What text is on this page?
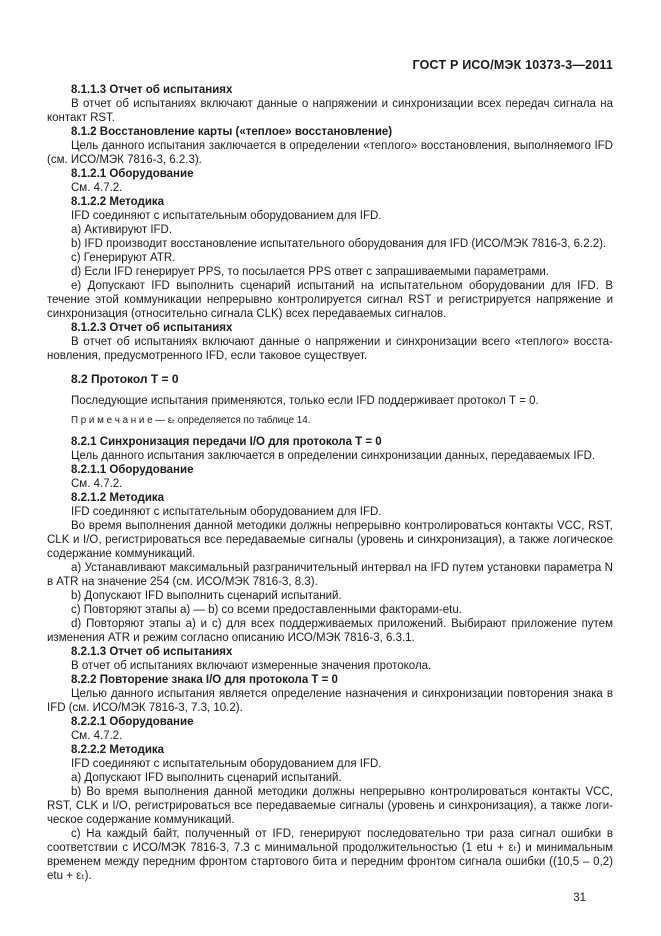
ГОСТ Р ИСО/МЭК 10373-3—2011

8.1.1.3 Отчет об испытаниях

В отчет об испытаниях включают данные о напряжении и синхронизации всех передач сигнала на контакт RST.

8.1.2 Восстановление карты («теплое» восстановление)

Цель данного испытания заключается в определении «теплого» восстановления, выполняемого IFD (см. ИСО/МЭК 7816-3, 6.2.3).

8.1.2.1 Оборудование

См. 4.7.2.

8.1.2.2 Методика

IFD соединяют с испытательным оборудованием для IFD.

a) Активируют IFD.

b) IFD производит восстановление испытательного оборудования для IFD (ИСО/МЭК 7816-3, 6.2.2).

c) Генерируют ATR.

d) Если IFD генерирует PPS, то посылается PPS ответ с запрашиваемыми параметрами.

e) Допускают IFD выполнить сценарий испытаний на испытательном оборудовании для IFD. В течение этой коммуникации непрерывно контролируется сигнал RST и регистрируется напряжение и синхронизация (относительно сигнала CLK) всех передаваемых сигналов.

8.1.2.3 Отчет об испытаниях

В отчет об испытаниях включают данные о напряжении и синхронизации всего «теплого» восстановления, предусмотренного IFD, если таковое существует.

8.2 Протокол Т = 0

Последующие испытания применяются, только если IFD поддерживает протокол Т = 0.

П р и м е ч а н и е — εₜ определяется по таблице 14.

8.2.1 Синхронизация передачи I/O для протокола Т = 0

Цель данного испытания заключается в определении синхронизации данных, передаваемых IFD.

8.2.1.1 Оборудование

См. 4.7.2.

8.2.1.2 Методика

IFD соединяют с испытательным оборудованием для IFD.

Во время выполнения данной методики должны непрерывно контролироваться контакты VCC, RST, CLK и I/O, регистрироваться все передаваемые сигналы (уровень и синхронизация), а также логическое содержание коммуникаций.

a) Устанавливают максимальный разграничительный интервал на IFD путем установки параметра N в ATR на значение 254 (см. ИСО/МЭК 7816-3, 8.3).

b) Допускают IFD выполнить сценарий испытаний.

c) Повторяют этапы a) — b) со всеми предоставленными факторами-etu.

d) Повторяют этапы a) и c) для всех поддерживаемых приложений. Выбирают приложение путем изменения ATR и режим согласно описанию ИСО/МЭК 7816-3, 6.3.1.

8.2.1.3 Отчет об испытаниях

В отчет об испытаниях включают измеренные значения протокола.

8.2.2 Повторение знака I/O для протокола Т = 0

Целью данного испытания является определение назначения и синхронизации повторения знака в IFD (см. ИСО/МЭК 7816-3, 7.3, 10.2).

8.2.2.1 Оборудование

См. 4.7.2.

8.2.2.2 Методика

IFD соединяют с испытательным оборудованием для IFD.

a) Допускают IFD выполнить сценарий испытаний.

b) Во время выполнения данной методики должны непрерывно контролироваться контакты VCC, RST, CLK и I/O, регистрироваться все передаваемые сигналы (уровень и синхронизация), а также логическое содержание коммуникаций.

c) На каждый байт, полученный от IFD, генерируют последовательно три раза сигнал ошибки в соответствии с ИСО/МЭК 7816-3, 7.3 с минимальной продолжительностью (1 etu + εₜ) и минимальным временем между передним фронтом стартового бита и передним фронтом сигнала ошибки ((10,5 – 0,2) etu + εₜ).

31
